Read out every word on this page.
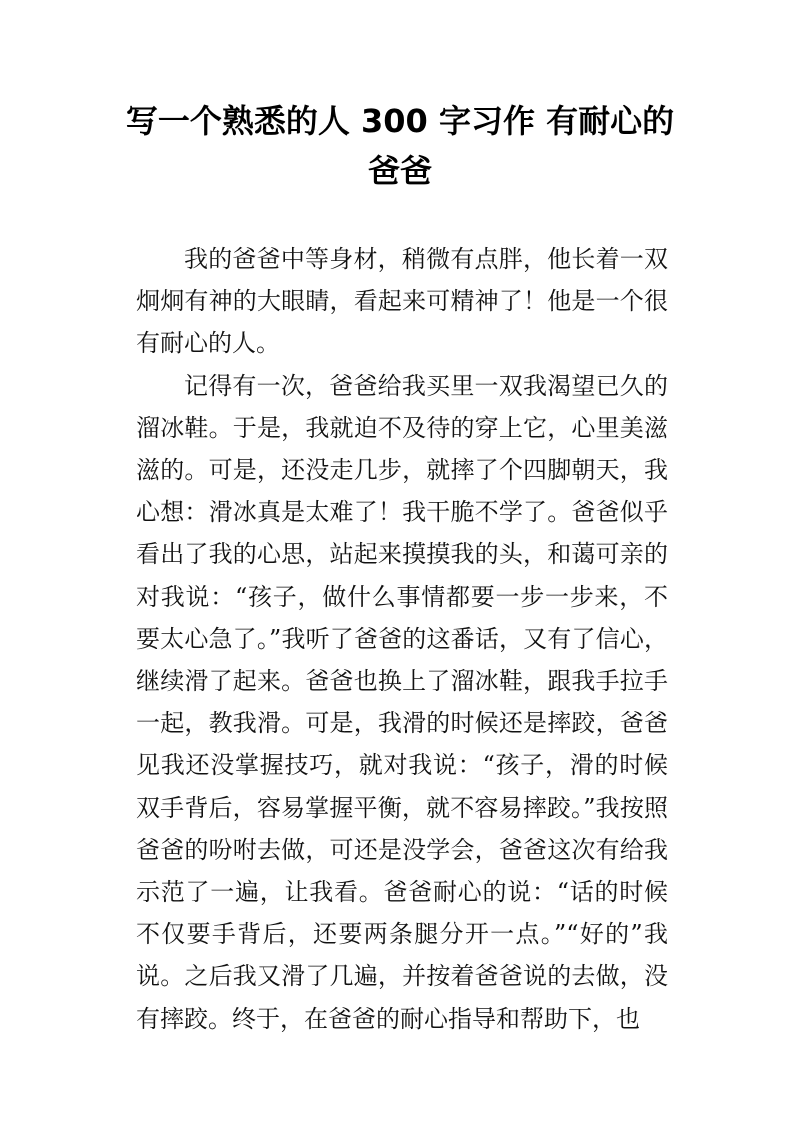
写一个熟悉的人 300 字习作 有耐心的
爸爸

我的爸爸中等身材，稍微有点胖，他长着一双炯炯有神的大眼睛，看起来可精神了！他是一个很有耐心的人。

记得有一次，爸爸给我买里一双我渴望已久的溜冰鞋。于是，我就迫不及待的穿上它，心里美滋滋的。可是，还没走几步，就摔了个四脚朝天，我心想：滑冰真是太难了！我干脆不学了。爸爸似乎看出了我的心思，站起来摸摸我的头，和蔼可亲的对我说：“孩子，做什么事情都要一步一步来，不要太心急了。”我听了爸爸的这番话，又有了信心，继续滑了起来。爸爸也换上了溜冰鞋，跟我手拉手一起，教我滑。可是，我滑的时候还是摔跤，爸爸见我还没掌握技巧，就对我说：“孩子，滑的时候双手背后，容易掌握平衡，就不容易摔跤。”我按照爸爸的吩咐去做，可还是没学会，爸爸这次有给我示范了一遍，让我看。爸爸耐心的说：“话的时候不仅要手背后，还要两条腿分开一点。”“好的”我说。之后我又滑了几遍，并按着爸爸说的去做，没有摔跤。终于，在爸爸的耐心指导和帮助下，也
